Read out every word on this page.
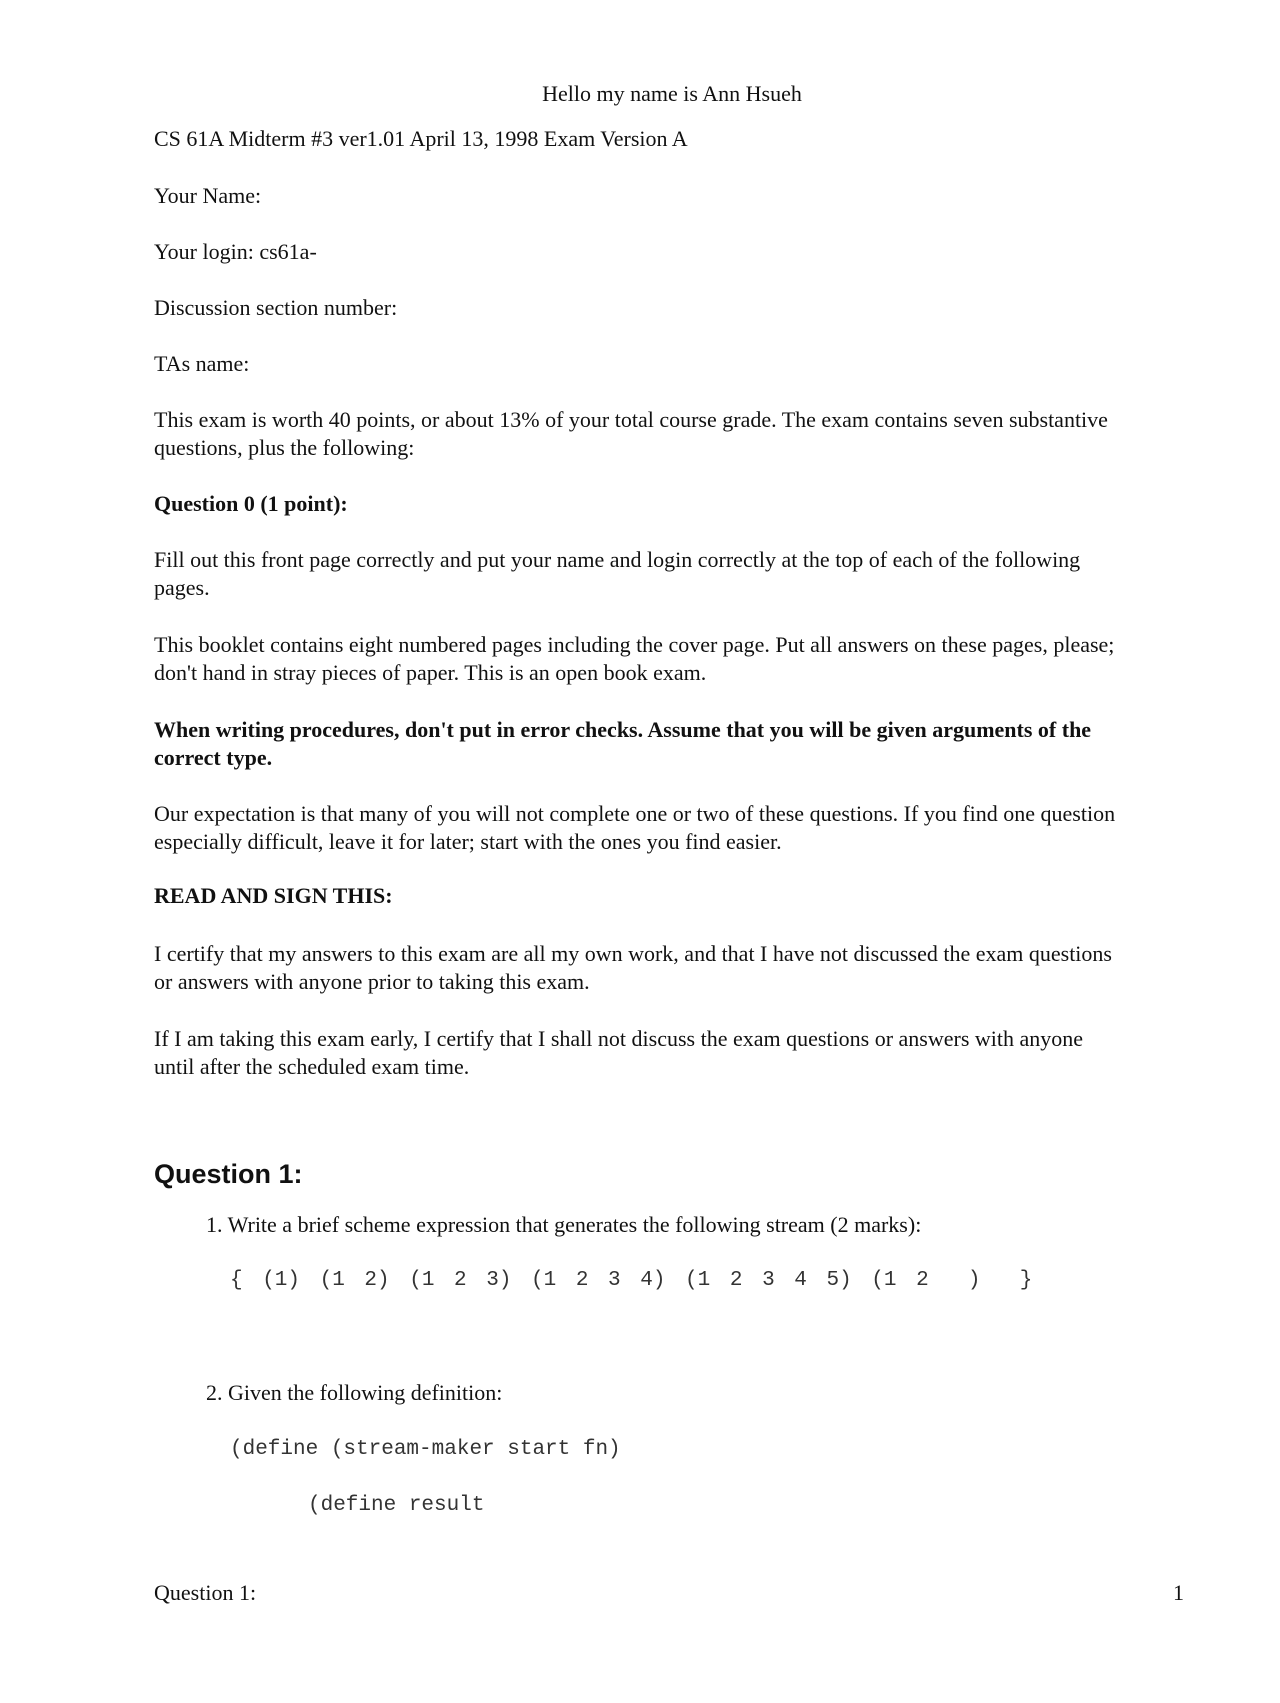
Hello my name is Ann Hsueh
CS 61A Midterm #3 ver1.01 April 13, 1998 Exam Version A
Your Name:
Your login: cs61a-
Discussion section number:
TAs name:
This exam is worth 40 points, or about 13% of your total course grade. The exam contains seven substantive
questions, plus the following:
Question 0 (1 point):
Fill out this front page correctly and put your name and login correctly at the top of each of the following
pages.
This booklet contains eight numbered pages including the cover page. Put all answers on these pages, please;
don't hand in stray pieces of paper. This is an open book exam.
When writing procedures, don't put in error checks. Assume that you will be given arguments of the
correct type.
Our expectation is that many of you will not complete one or two of these questions. If you find one question
especially difficult, leave it for later; start with the ones you find easier.
READ AND SIGN THIS:
I certify that my answers to this exam are all my own work, and that I have not discussed the exam questions
or answers with anyone prior to taking this exam.
If I am taking this exam early, I certify that I shall not discuss the exam questions or answers with anyone
until after the scheduled exam time.
Question 1:
1. Write a brief scheme expression that generates the following stream (2 marks):
{ (1) (1 2) (1 2 3) (1 2 3 4) (1 2 3 4 5) (1 2  )  }
2. Given the following definition:
(define (stream-maker start fn)
(define result
Question 1:	1
